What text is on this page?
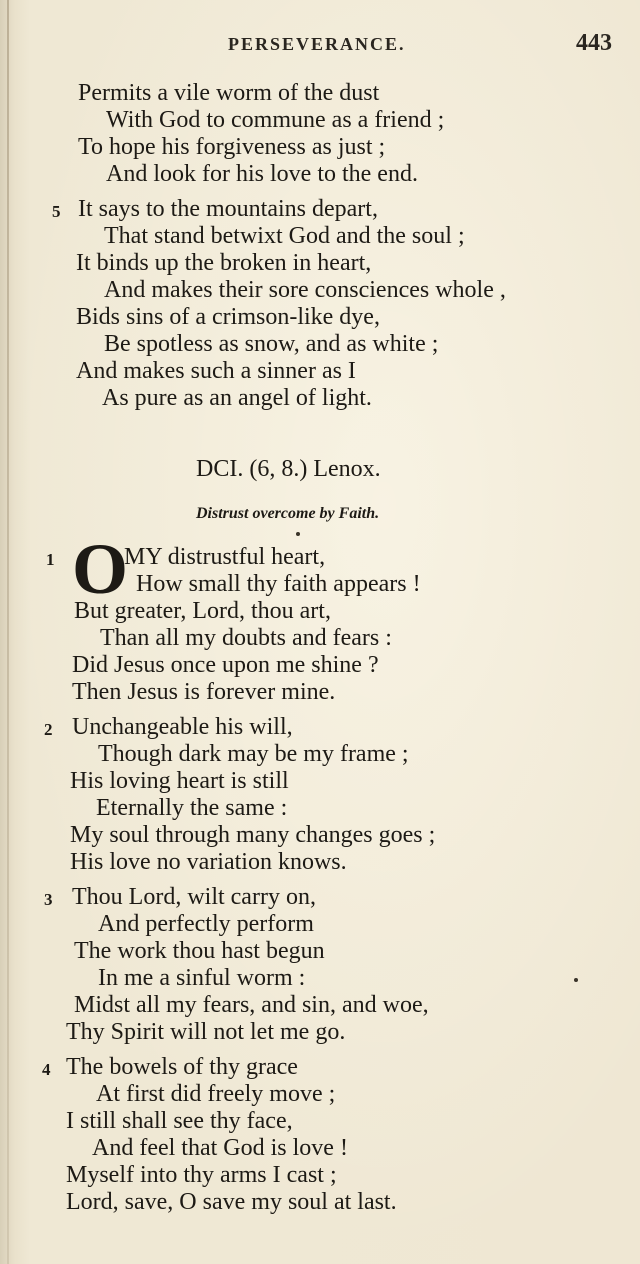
PERSEVERANCE.	443
Permits a vile worm of the dust
With God to commune as a friend ;
To hope his forgiveness as just ;
And look for his love to the end.
5 It says to the mountains depart,
That stand betwixt God and the soul ;
It binds up the broken in heart,
And makes their sore consciences whole ,
Bids sins of a crimson-like dye,
Be spotless as snow, and as white ;
And makes such a sinner as I
As pure as an angel of light.
DCI. (6, 8.) Lenox.
Distrust overcome by Faith.
1 O
MY distrustful heart,
How small thy faith appears !
But greater, Lord, thou art,
Than all my doubts and fears :
Did Jesus once upon me shine ?
Then Jesus is forever mine.
2 Unchangeable his will,
Though dark may be my frame ;
His loving heart is still
Eternally the same :
My soul through many changes goes ;
His love no variation knows.
3 Thou Lord, wilt carry on,
And perfectly perform
The work thou hast begun
In me a sinful worm :
Midst all my fears, and sin, and woe,
Thy Spirit will not let me go.
4 The bowels of thy grace
At first did freely move ;
I still shall see thy face,
And feel that God is love !
Myself into thy arms I cast ;
Lord, save, O save my soul at last.
